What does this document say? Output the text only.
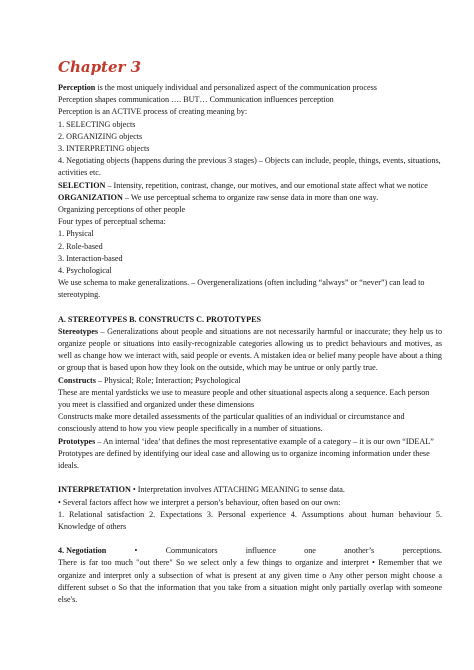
Chapter 3

Perception is the most uniquely individual and personalized aspect of the communication process

Perception shapes communication …. BUT… Communication influences perception

Perception is an ACTIVE process of creating meaning by:

1. SELECTING objects

2. ORGANIZING objects

3. INTERPRETING objects

4. Negotiating objects (happens during the previous 3 stages) – Objects can include, people, things, events, situations, activities etc.

SELECTION – Intensity, repetition, contrast, change, our motives, and our emotional state affect what we notice

ORGANIZATION – We use perceptual schema to organize raw sense data in more than one way.

Organizing perceptions of other people

Four types of perceptual schema:

1. Physical

2. Role-based

3. Interaction-based

4. Psychological

We use schema to make generalizations. – Overgeneralizations (often including “always” or “never”) can lead to stereotyping.

A. STEREOTYPES B. CONSTRUCTS C. PROTOTYPES

Stereotypes – Generalizations about people and situations are not necessarily harmful or inaccurate; they help us to organize people or situations into easily-recognizable categories allowing us to predict behaviours and motives, as well as change how we interact with, said people or events. A mistaken idea or belief many people have about a thing or group that is based upon how they look on the outside, which may be untrue or only partly true.

Constructs – Physical; Role; Interaction; Psychological

These are mental yardsticks we use to measure people and other situational aspects along a sequence. Each person you meet is classified and organized under these dimensions

Constructs make more detailed assessments of the particular qualities of an individual or circumstance and consciously attend to how you view people specifically in a number of situations.

Prototypes – An internal ‘idea’ that defines the most representative example of a category – it is our own “IDEAL”

Prototypes are defined by identifying our ideal case and allowing us to organize incoming information under these ideals.

INTERPRETATION • Interpretation involves ATTACHING MEANING to sense data.

• Several factors affect how we interpret a person’s behaviour, often based on our own:

1. Relational satisfaction 2. Expectations 3. Personal experience 4. Assumptions about human behaviour 5. Knowledge of others

4. Negotiation	•	Communicators	influence	one	another’s	perceptions.

There is far too much "out there" So we select only a few things to organize and interpret • Remember that we organize and interpret only a subsection of what is present at any given time o Any other person might choose a different subset o So that the information that you take from a situation might only partially overlap with someone else's.
